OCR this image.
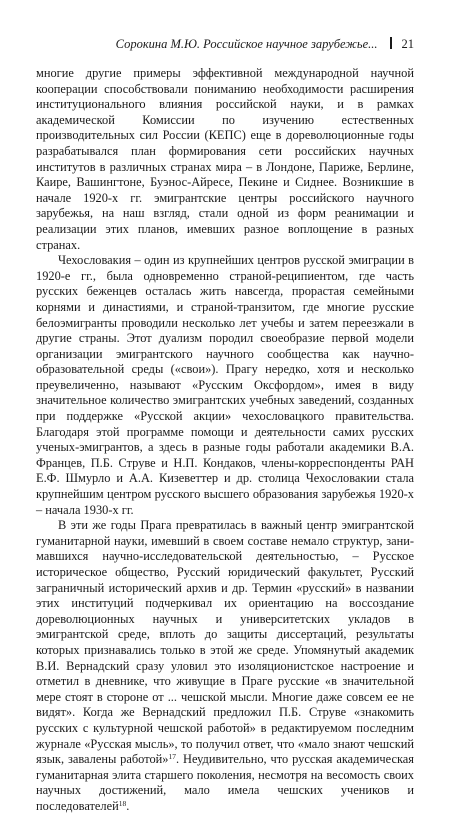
Сорокина М.Ю. Российское научное зарубежье... 21

многие другие примеры эффективной международной научной кооперации способствовали пониманию необходимости расширения институционального влияния российской науки, и в рамках академической Комиссии по изучению естественных производительных сил России (КЕПС) еще в дореволюционные годы разрабатывался план формирования сети российских научных институтов в различных странах мира – в Лондоне, Париже, Берлине, Каире, Вашингтоне, Буэнос-Айресе, Пекине и Сиднее. Возникшие в начале 1920-х гг. эмигрантские центры российского научного зарубежья, на наш взгляд, стали одной из форм реанимации и реализации этих планов, имевших разное воплощение в разных странах.

Чехословакия – один из крупнейших центров русской эмиграции в 1920-е гг., была одновременно страной-реципиентом, где часть русских беженцев осталась жить навсегда, прорастая семейными корнями и династиями, и страной-транзитом, где многие русские белоэмигранты проводили несколько лет учебы и затем переезжали в другие страны. Этот дуализм породил своеобразие первой модели организации эмигрантского научного сообщества как научно-образовательной среды («свои»). Прагу нередко, хотя и несколько преувеличенно, называют «Русским Оксфордом», имея в виду значительное количество эмигрантских учебных заведений, созданных при поддержке «Русской акции» чехословацкого правительства. Благодаря этой программе помощи и деятельности самих русских ученых-эмигрантов, а здесь в разные годы работали академики В.А. Францев, П.Б. Струве и Н.П. Кондаков, члены-корреспонденты РАН Е.Ф. Шмурло и А.А. Кизеветтер и др. столица Чехословакии стала крупнейшим центром русского высшего образования зарубежья 1920-х – начала 1930-х гг.

В эти же годы Прага превратилась в важный центр эмигрантской гуманитарной науки, имевший в своем составе немало структур, занимавшихся научно-исследовательской деятельностью, – Русское историческое общество, Русский юридический факультет, Русский заграничный исторический архив и др. Термин «русский» в названии этих институций подчеркивал их ориентацию на воссоздание дореволюционных научных и университетских укладов в эмигрантской среде, вплоть до защиты диссертаций, результаты которых признавались только в этой же среде. Упомянутый академик В.И. Вернадский сразу уловил это изоляционистское настроение и отметил в дневнике, что живущие в Праге русские «в значительной мере стоят в стороне от ... чешской мысли. Многие даже совсем ее не видят». Когда же Вернадский предложил П.Б. Струве «знакомить русских с культурной чешской работой» в редактируемом последним журнале «Русская мысль», то получил ответ, что «мало знают чешский язык, завалены работой»$^{17}$. Неудивительно, что русская академическая гуманитарная элита старшего поколения, несмотря на весомость своих научных достижений, мало имела чешских учеников и последователей$^{18}$.
